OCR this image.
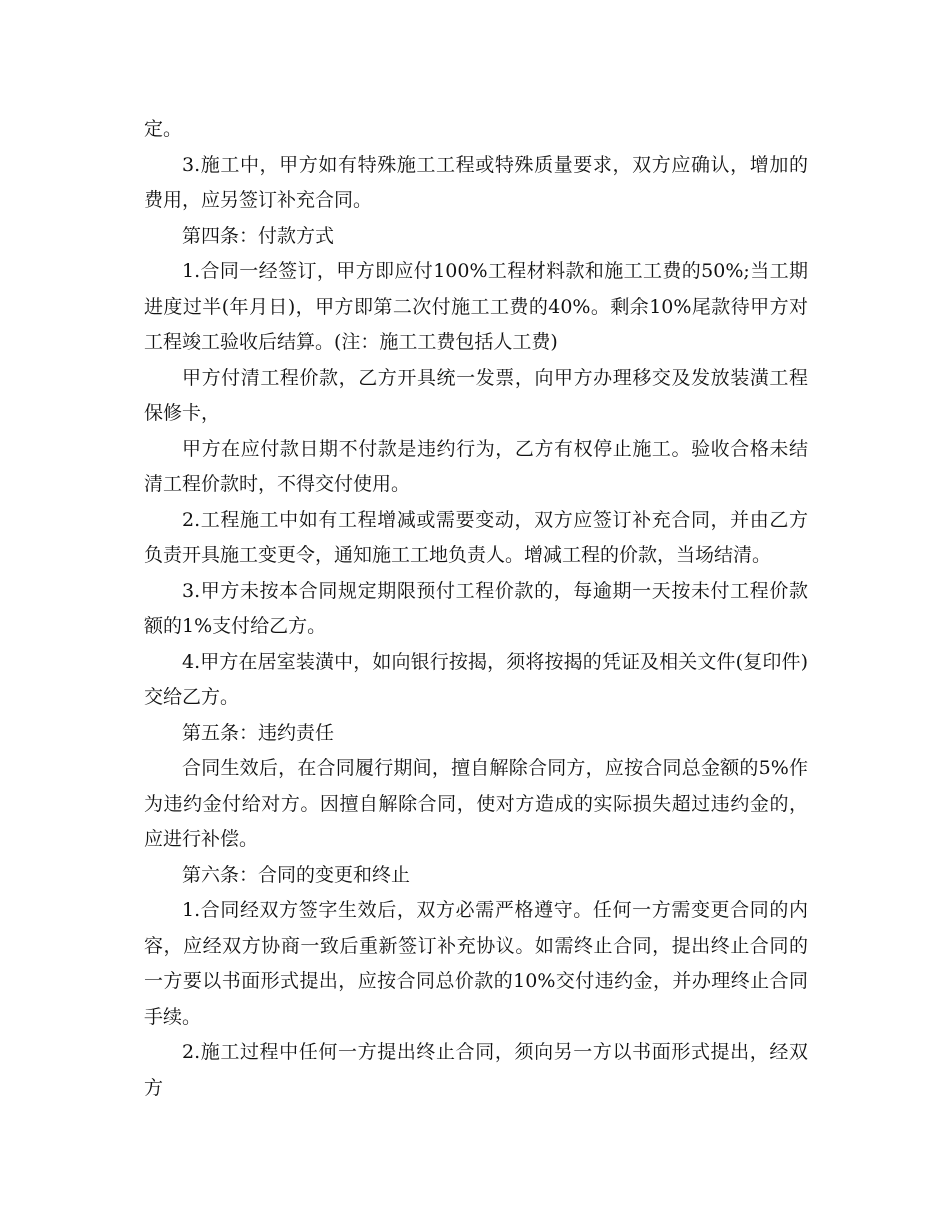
定。

3.施工中，甲方如有特殊施工工程或特殊质量要求，双方应确认，增加的费用，应另签订补充合同。

第四条：付款方式

1.合同一经签订，甲方即应付100%工程材料款和施工工费的50%;当工期进度过半(年月日)，甲方即第二次付施工工费的40%。剩余10%尾款待甲方对工程竣工验收后结算。(注：施工工费包括人工费)

甲方付清工程价款，乙方开具统一发票，向甲方办理移交及发放装潢工程保修卡，

甲方在应付款日期不付款是违约行为，乙方有权停止施工。验收合格未结清工程价款时，不得交付使用。

2.工程施工中如有工程增减或需要变动，双方应签订补充合同，并由乙方负责开具施工变更令，通知施工工地负责人。增减工程的价款，当场结清。

3.甲方未按本合同规定期限预付工程价款的，每逾期一天按未付工程价款额的1%支付给乙方。

4.甲方在居室装潢中，如向银行按揭，须将按揭的凭证及相关文件(复印件)交给乙方。

第五条：违约责任

合同生效后，在合同履行期间，擅自解除合同方，应按合同总金额的5%作为违约金付给对方。因擅自解除合同，使对方造成的实际损失超过违约金的，应进行补偿。

第六条：合同的变更和终止

1.合同经双方签字生效后，双方必需严格遵守。任何一方需变更合同的内容，应经双方协商一致后重新签订补充协议。如需终止合同，提出终止合同的一方要以书面形式提出，应按合同总价款的10%交付违约金，并办理终止合同手续。

2.施工过程中任何一方提出终止合同，须向另一方以书面形式提出，经双方
